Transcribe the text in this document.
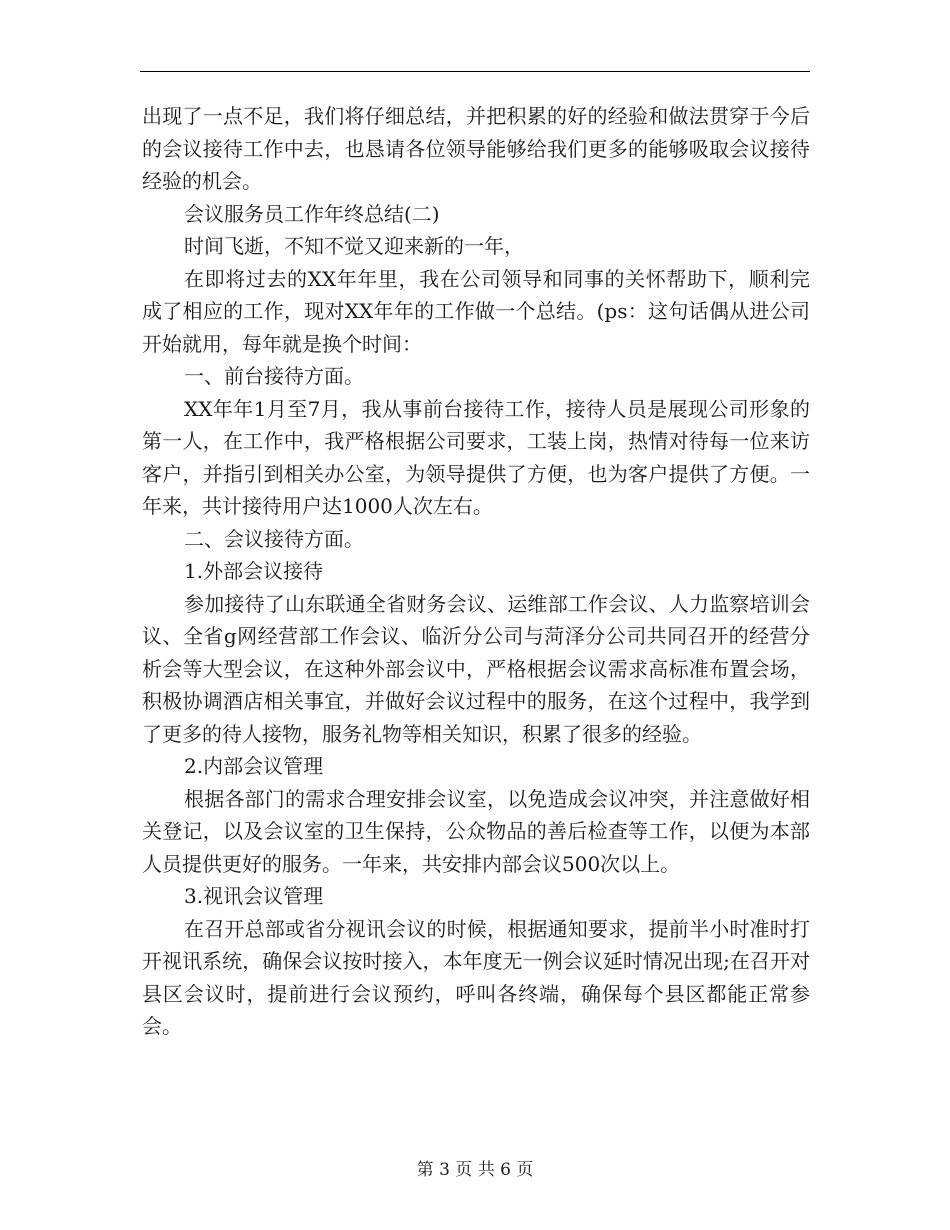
出现了一点不足，我们将仔细总结，并把积累的好的经验和做法贯穿于今后的会议接待工作中去，也恳请各位领导能够给我们更多的能够吸取会议接待经验的机会。

会议服务员工作年终总结(二)

时间飞逝，不知不觉又迎来新的一年，

在即将过去的XX年年里，我在公司领导和同事的关怀帮助下，顺利完成了相应的工作，现对XX年年的工作做一个总结。(ps：这句话偶从进公司开始就用，每年就是换个时间：

一、前台接待方面。

XX年年1月至7月，我从事前台接待工作，接待人员是展现公司形象的第一人，在工作中，我严格根据公司要求，工装上岗，热情对待每一位来访客户，并指引到相关办公室，为领导提供了方便，也为客户提供了方便。一年来，共计接待用户达1000人次左右。

二、会议接待方面。

1.外部会议接待

参加接待了山东联通全省财务会议、运维部工作会议、人力监察培训会议、全省g网经营部工作会议、临沂分公司与菏泽分公司共同召开的经营分析会等大型会议，在这种外部会议中，严格根据会议需求高标准布置会场，积极协调酒店相关事宜，并做好会议过程中的服务，在这个过程中，我学到了更多的待人接物，服务礼物等相关知识，积累了很多的经验。

2.内部会议管理

根据各部门的需求合理安排会议室，以免造成会议冲突，并注意做好相关登记，以及会议室的卫生保持，公众物品的善后检查等工作，以便为本部人员提供更好的服务。一年来，共安排内部会议500次以上。

3.视讯会议管理

在召开总部或省分视讯会议的时候，根据通知要求，提前半小时准时打开视讯系统，确保会议按时接入，本年度无一例会议延时情况出现;在召开对县区会议时，提前进行会议预约，呼叫各终端，确保每个县区都能正常参会。

第 3 页 共 6 页
